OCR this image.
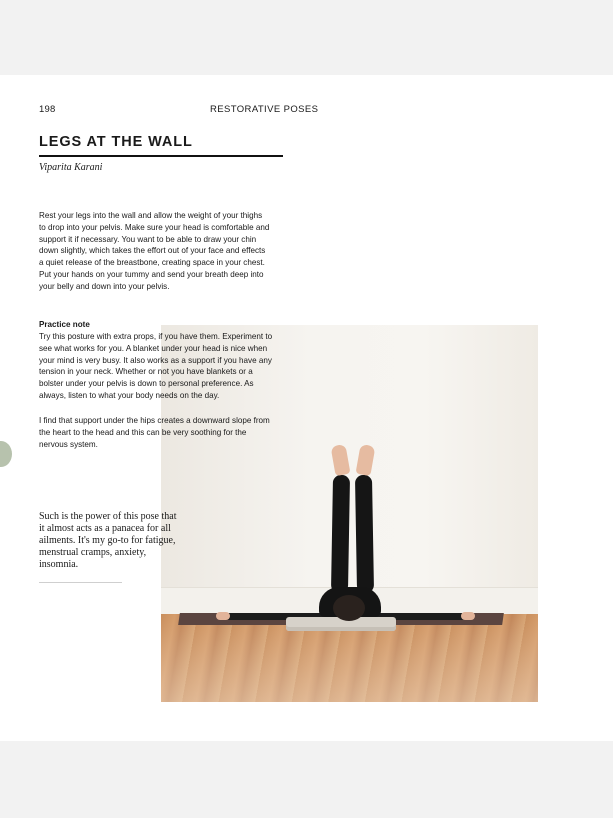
198	RESTORATIVE POSES
LEGS AT THE WALL
Viparita Karani

Rest your legs into the wall and allow the weight of your thighs to drop into your pelvis. Make sure your head is comfortable and support it if necessary. You want to be able to draw your chin down slightly, which takes the effort out of your face and effects a quiet release of the breastbone, creating space in your chest. Put your hands on your tummy and send your breath deep into your belly and down into your pelvis.

Practice note

Try this posture with extra props, if you have them. Experiment to see what works for you. A blanket under your head is nice when your mind is very busy. It also works as a support if you have any tension in your neck. Whether or not you have blankets or a bolster under your pelvis is down to personal preference. As always, listen to what your body needs on the day.

I find that support under the hips creates a downward slope from the heart to the head and this can be very soothing for the nervous system.

Such is the power of this pose that it almost acts as a panacea for all ailments. It's my go-to for fatigue, menstrual cramps, anxiety, insomnia.
